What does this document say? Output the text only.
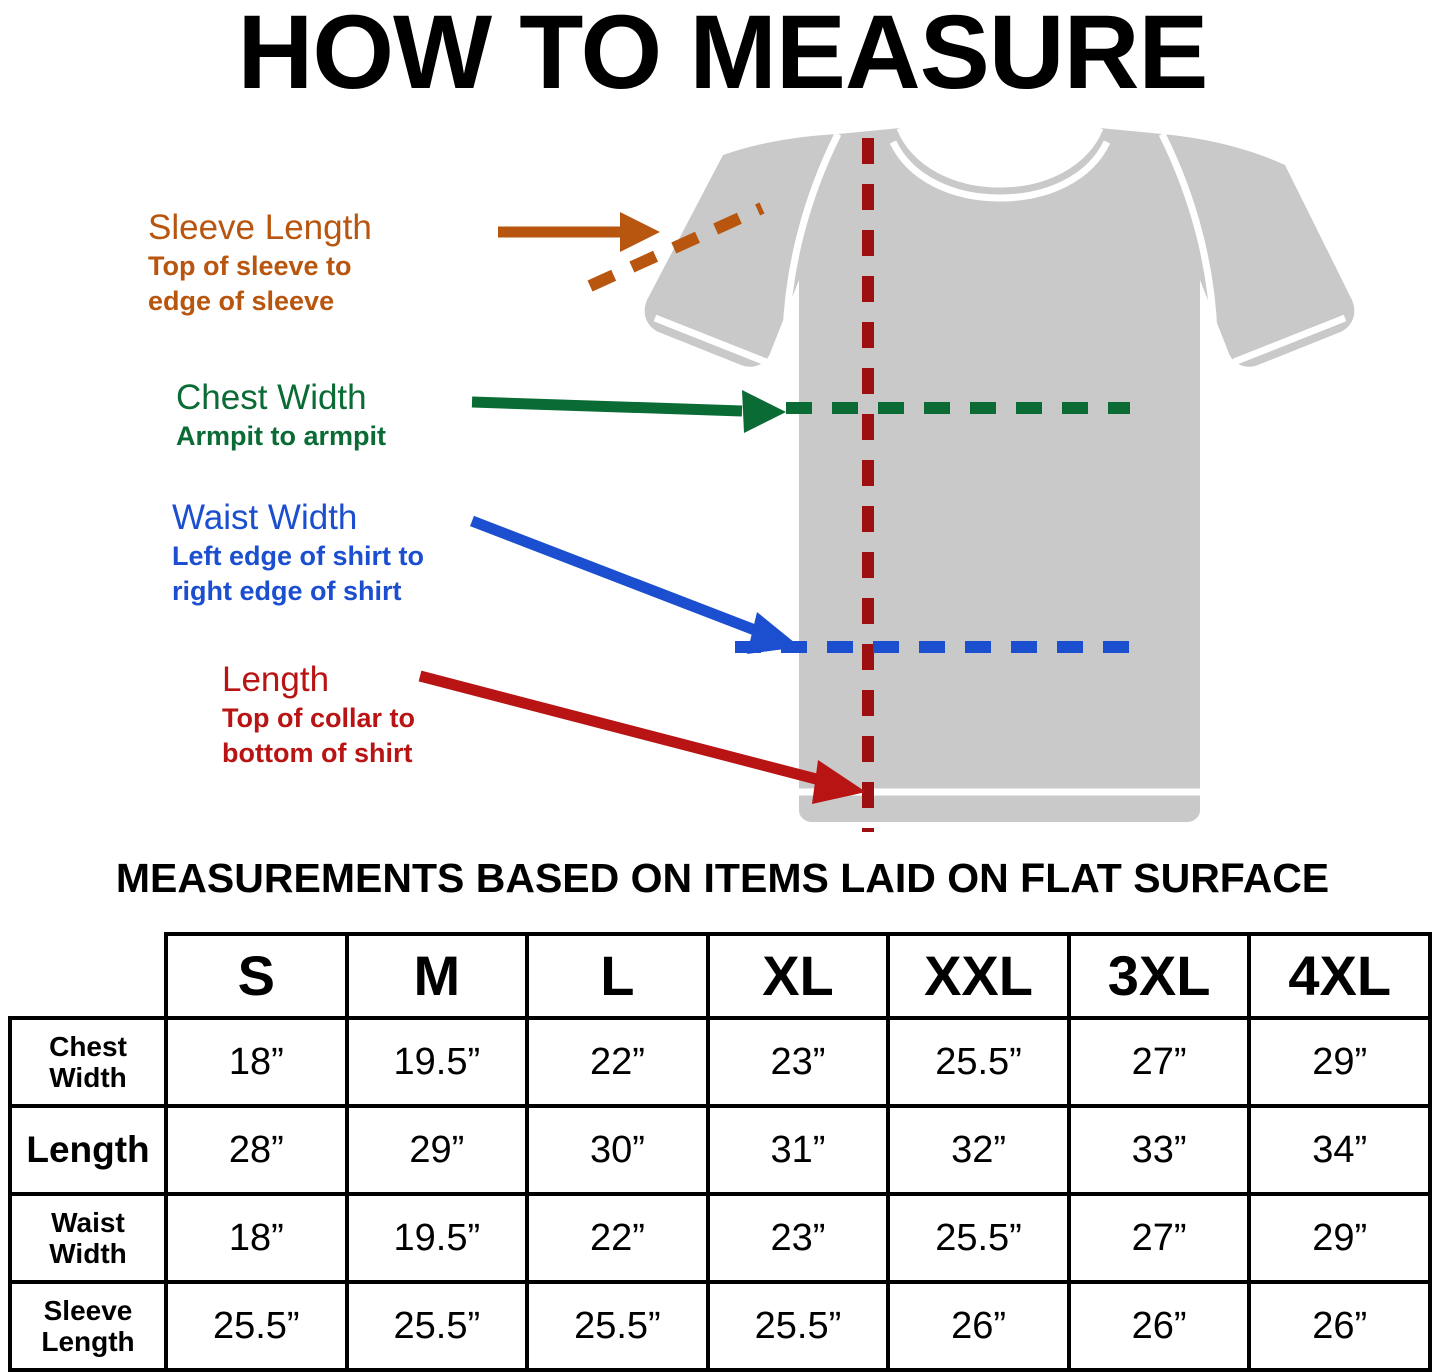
HOW TO MEASURE
Sleeve Length
Top of sleeve to
edge of sleeve
Chest Width
Armpit to armpit
Waist Width
Left edge of shirt to
right edge of shirt
Length
Top of collar to
bottom of shirt
MEASUREMENTS BASED ON ITEMS LAID ON FLAT SURFACE
	S	M	L	XL	XXL	3XL	4XL

Chest
Width	18”	19.5”	22”	23”	25.5”	27”	29”
Length	28”	29”	30”	31”	32”	33”	34”

Waist
Width	18”	19.5”	22”	23”	25.5”	27”	29”

Sleeve
Length	25.5”	25.5”	25.5”	25.5”	26”	26”	26”
